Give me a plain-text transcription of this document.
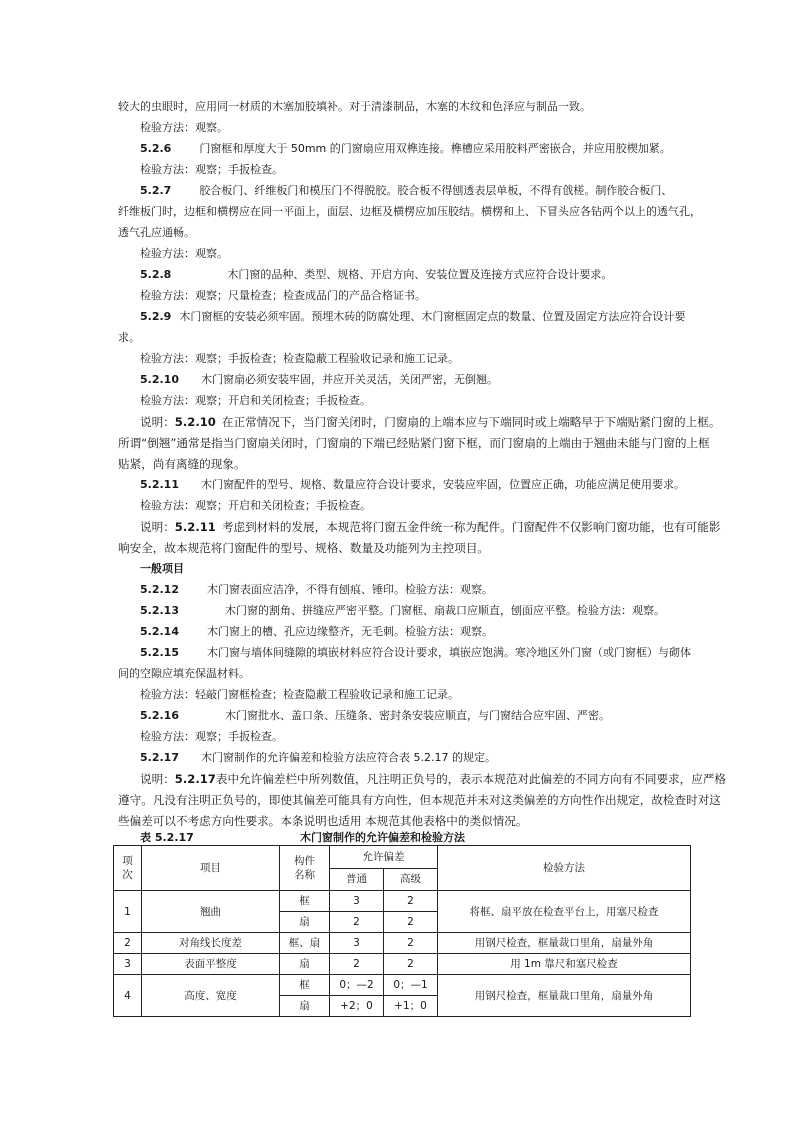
较大的虫眼时，应用同一材质的木塞加胶填补。对于清漆制品，木塞的木纹和色泽应与制品一致。
检验方法：观察。
5.2.6	门窗框和厚度大于 50mm 的门窗扇应用双榫连接。榫槽应采用胶料严密嵌合，并应用胶楔加紧。
检验方法：观察；手扳检查。
5.2.7	胶合板门、纤维板门和模压门不得脱胶。胶合板不得刨透表层单板，不得有戗槎。制作胶合板门、
纤维板门时，边框和横楞应在同一平面上，面层、边框及横楞应加压胶结。横楞和上、下冒头应各钻两个以上的透气孔，
透气孔应通畅。
检验方法：观察。
5.2.8	木门窗的品种、类型、规格、开启方向、安装位置及连接方式应符合设计要求。
检验方法：观察；尺量检查；检查成品门的产品合格证书。
5.2.9 木门窗框的安装必须牢固。预埋木砖的防腐处理、木门窗框固定点的数量、位置及固定方法应符合设计要
求。
检验方法：观察；手扳检查；检查隐蔽工程验收记录和施工记录。
5.2.10 木门窗扇必须安装牢固，并应开关灵活，关闭严密，无倒翘。
检验方法：观察；开启和关闭检查；手扳检查。
说明：5.2.10 在正常情况下，当门窗关闭时，门窗扇的上端本应与下端同时或上端略早于下端贴紧门窗的上框。
所谓“倒翘”通常是指当门窗扇关闭时，门窗扇的下端已经贴紧门窗下框，而门窗扇的上端由于翘曲未能与门窗的上框
贴紧，尚有离缝的现象。
5.2.11 木门窗配件的型号、规格、数量应符合设计要求，安装应牢固，位置应正确，功能应满足使用要求。
检验方法：观察；开启和关闭检查；手扳检查。
说明：5.2.11 考虑到材料的发展，本规范将门窗五金件统一称为配件。门窗配件不仅影响门窗功能，也有可能影
响安全，故本规范将门窗配件的型号、规格、数量及功能列为主控项目。
一般项目
5.2.12	木门窗表面应洁净，不得有刨痕、锤印。检验方法：观察。
5.2.13	木门窗的割角、拼缝应严密平整。门窗框、扇裁口应顺直，刨面应平整。检验方法：观察。
5.2.14	木门窗上的槽、孔应边缘整齐，无毛刺。检验方法：观察。
5.2.15	木门窗与墙体间缝隙的填嵌材料应符合设计要求，填嵌应饱满。寒冷地区外门窗（或门窗框）与砌体
间的空隙应填充保温材料。
检验方法：轻敲门窗框检查；检查隐蔽工程验收记录和施工记录。
5.2.16	木门窗批水、盖口条、压缝条、密封条安装应顺直，与门窗结合应牢固、严密。
检验方法：观察；手扳检查。
5.2.17 木门窗制作的允许偏差和检验方法应符合表 5.2.17 的规定。
说明：5.2.17表中允许偏差栏中所列数值，凡注明正负号的，表示本规范对此偏差的不同方向有不同要求，应严格
遵守。凡没有注明正负号的，即使其偏差可能具有方向性，但本规范并未对这类偏差的方向性作出规定，故检查时对这
些偏差可以不考虑方向性要求。本条说明也适用 本规范其他表格中的类似情况。
表 5.2.17	木门窗制作的允许偏差和检验方法
项
次	项目	构件
名称	允许偏差		检验方法
			普通	高级	
1	翘曲	框	3	2	将框、扇平放在检查平台上，用塞尺检查
		扇	2	2	
2	对角线长度差	框、扇	3	2	用钢尺检查，框量裁口里角，扇量外角
3	表面平整度	扇	2	2	用 1m 靠尺和塞尺检查
4	高度、宽度	框	0；—2	0；—1	用钢尺检查，框量裁口里角，扇量外角
		扇	+2；0	+1；0	
